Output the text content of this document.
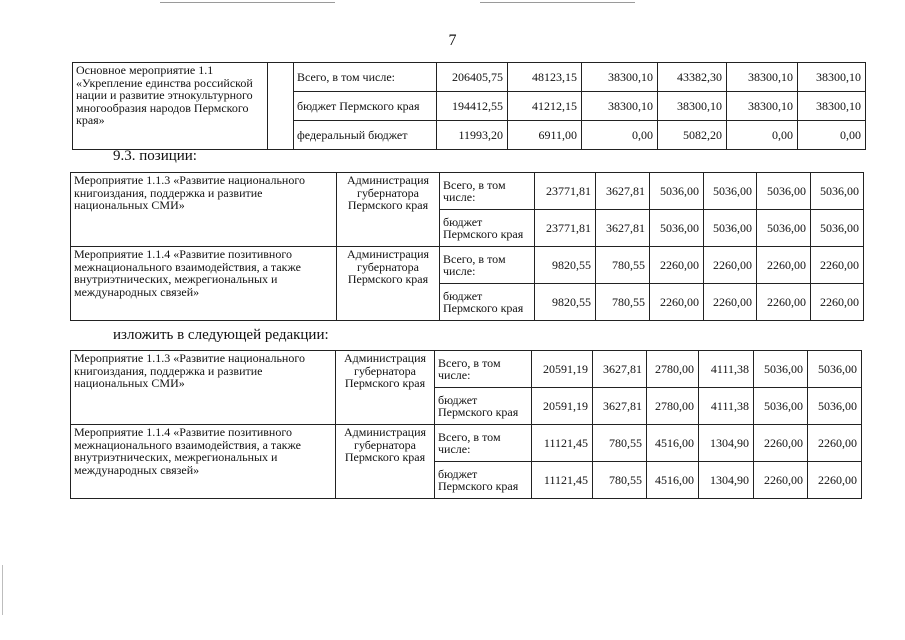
7
Основное мероприятие 1.1 «Укрепление единства российской нации и развитие этнокультурного многообразия народов Пермского края»		Всего, в том числе:	206405,75	48123,15	38300,10	43382,30	38300,10	38300,10
		бюджет Пермского края	194412,55	41212,15	38300,10	38300,10	38300,10	38300,10
		федеральный бюджет	11993,20	6911,00	0,00	5082,20	0,00	0,00
9.3. позиции:
Мероприятие 1.1.3 «Развитие национального книгоиздания, поддержка и развитие национальных СМИ»	Администрация губернатора Пермского края	Всего, в том числе:	23771,81	3627,81	5036,00	5036,00	5036,00	5036,00
		бюджет Пермского края	23771,81	3627,81	5036,00	5036,00	5036,00	5036,00
Мероприятие 1.1.4 «Развитие позитивного межнационального взаимодействия, а также внутриэтнических, межрегиональных и международных связей»	Администрация губернатора Пермского края	Всего, в том числе:	9820,55	780,55	2260,00	2260,00	2260,00	2260,00
		бюджет Пермского края	9820,55	780,55	2260,00	2260,00	2260,00	2260,00
изложить в следующей редакции:
Мероприятие 1.1.3 «Развитие национального книгоиздания, поддержка и развитие национальных СМИ»	Администрация губернатора Пермского края	Всего, в том числе:	20591,19	3627,81	2780,00	4111,38	5036,00	5036,00
		бюджет Пермского края	20591,19	3627,81	2780,00	4111,38	5036,00	5036,00
Мероприятие 1.1.4 «Развитие позитивного межнационального взаимодействия, а также внутриэтнических, межрегиональных и международных связей»	Администрация губернатора Пермского края	Всего, в том числе:	11121,45	780,55	4516,00	1304,90	2260,00	2260,00
		бюджет Пермского края	11121,45	780,55	4516,00	1304,90	2260,00	2260,00
